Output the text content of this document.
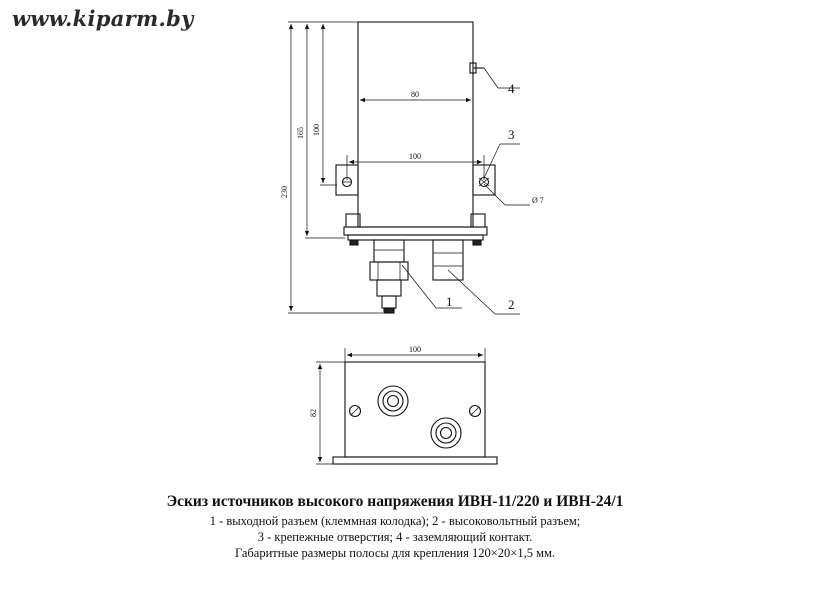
www.kiparm.by
230
165 100
80
100
Ø 7
4
3
1	2
100
82
Эскиз источников высокого напряжения ИВН-11/220 и ИВН-24/1
1 - выходной разъем (клеммная колодка); 2 - высоковольтный разъем;
3 - крепежные отверстия; 4 - заземляющий контакт.
Габаритные размеры полосы для крепления 120×20×1,5 мм.
